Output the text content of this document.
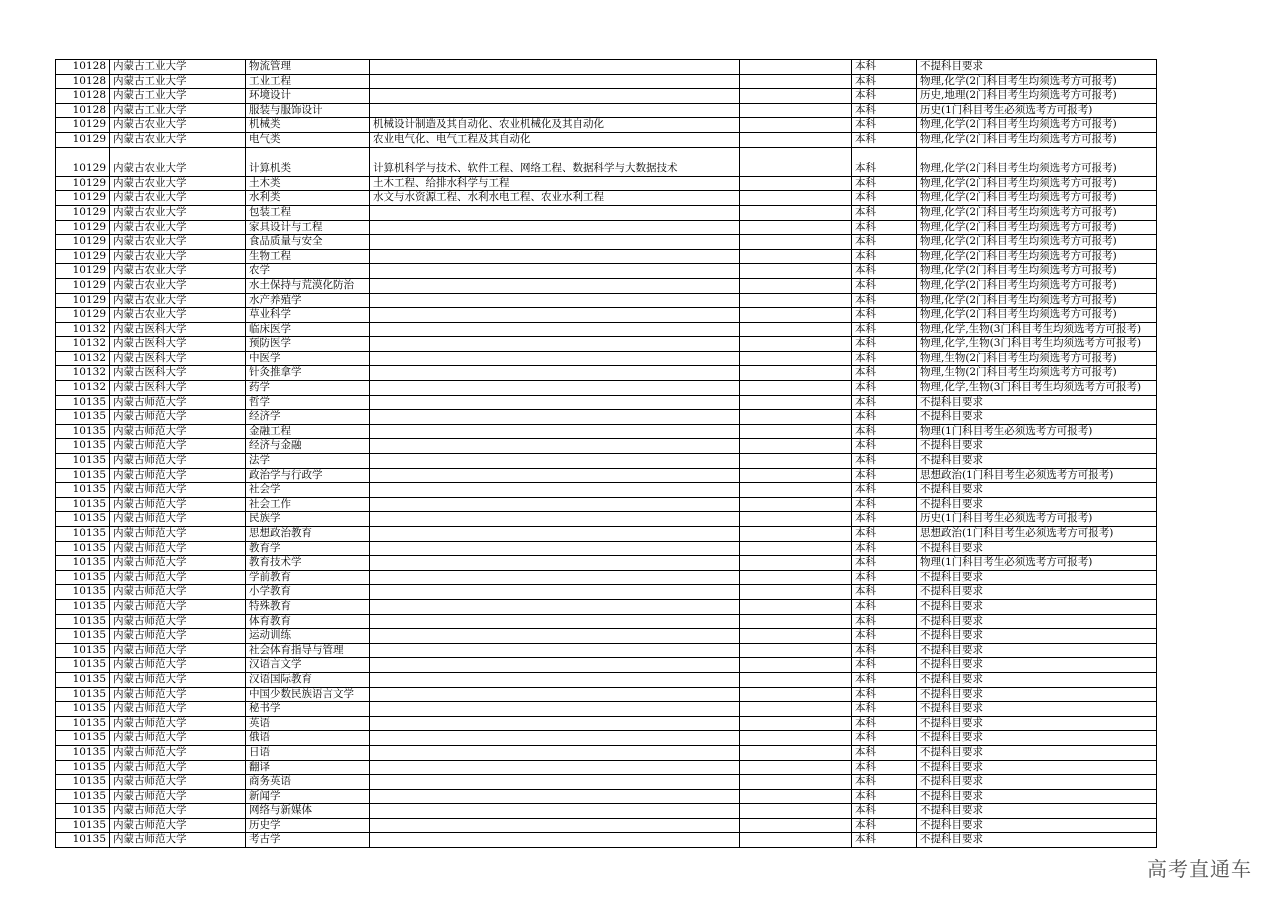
10128	内蒙古工业大学	物流管理			本科	不提科目要求
10128	内蒙古工业大学	工业工程			本科	物理,化学(2门科目考生均须选考方可报考)
10128	内蒙古工业大学	环境设计			本科	历史,地理(2门科目考生均须选考方可报考)
10128	内蒙古工业大学	服装与服饰设计			本科	历史(1门科目考生必须选考方可报考)
10129	内蒙古农业大学	机械类	机械设计制造及其自动化、农业机械化及其自动化		本科	物理,化学(2门科目考生均须选考方可报考)
10129	内蒙古农业大学	电气类	农业电气化、电气工程及其自动化		本科	物理,化学(2门科目考生均须选考方可报考)
10129	内蒙古农业大学	计算机类	计算机科学与技术、软件工程、网络工程、数据科学与大数据技术		本科	物理,化学(2门科目考生均须选考方可报考)
10129	内蒙古农业大学	土木类	土木工程、给排水科学与工程		本科	物理,化学(2门科目考生均须选考方可报考)
10129	内蒙古农业大学	水利类	水文与水资源工程、水利水电工程、农业水利工程		本科	物理,化学(2门科目考生均须选考方可报考)
10129	内蒙古农业大学	包装工程			本科	物理,化学(2门科目考生均须选考方可报考)
10129	内蒙古农业大学	家具设计与工程			本科	物理,化学(2门科目考生均须选考方可报考)
10129	内蒙古农业大学	食品质量与安全			本科	物理,化学(2门科目考生均须选考方可报考)
10129	内蒙古农业大学	生物工程			本科	物理,化学(2门科目考生均须选考方可报考)
10129	内蒙古农业大学	农学			本科	物理,化学(2门科目考生均须选考方可报考)
10129	内蒙古农业大学	水土保持与荒漠化防治			本科	物理,化学(2门科目考生均须选考方可报考)
10129	内蒙古农业大学	水产养殖学			本科	物理,化学(2门科目考生均须选考方可报考)
10129	内蒙古农业大学	草业科学			本科	物理,化学(2门科目考生均须选考方可报考)
10132	内蒙古医科大学	临床医学			本科	物理,化学,生物(3门科目考生均须选考方可报考)
10132	内蒙古医科大学	预防医学			本科	物理,化学,生物(3门科目考生均须选考方可报考)
10132	内蒙古医科大学	中医学			本科	物理,生物(2门科目考生均须选考方可报考)
10132	内蒙古医科大学	针灸推拿学			本科	物理,生物(2门科目考生均须选考方可报考)
10132	内蒙古医科大学	药学			本科	物理,化学,生物(3门科目考生均须选考方可报考)
10135	内蒙古师范大学	哲学			本科	不提科目要求
10135	内蒙古师范大学	经济学			本科	不提科目要求
10135	内蒙古师范大学	金融工程			本科	物理(1门科目考生必须选考方可报考)
10135	内蒙古师范大学	经济与金融			本科	不提科目要求
10135	内蒙古师范大学	法学			本科	不提科目要求
10135	内蒙古师范大学	政治学与行政学			本科	思想政治(1门科目考生必须选考方可报考)
10135	内蒙古师范大学	社会学			本科	不提科目要求
10135	内蒙古师范大学	社会工作			本科	不提科目要求
10135	内蒙古师范大学	民族学			本科	历史(1门科目考生必须选考方可报考)
10135	内蒙古师范大学	思想政治教育			本科	思想政治(1门科目考生必须选考方可报考)
10135	内蒙古师范大学	教育学			本科	不提科目要求
10135	内蒙古师范大学	教育技术学			本科	物理(1门科目考生必须选考方可报考)
10135	内蒙古师范大学	学前教育			本科	不提科目要求
10135	内蒙古师范大学	小学教育			本科	不提科目要求
10135	内蒙古师范大学	特殊教育			本科	不提科目要求
10135	内蒙古师范大学	体育教育			本科	不提科目要求
10135	内蒙古师范大学	运动训练			本科	不提科目要求
10135	内蒙古师范大学	社会体育指导与管理			本科	不提科目要求
10135	内蒙古师范大学	汉语言文学			本科	不提科目要求
10135	内蒙古师范大学	汉语国际教育			本科	不提科目要求
10135	内蒙古师范大学	中国少数民族语言文学			本科	不提科目要求
10135	内蒙古师范大学	秘书学			本科	不提科目要求
10135	内蒙古师范大学	英语			本科	不提科目要求
10135	内蒙古师范大学	俄语			本科	不提科目要求
10135	内蒙古师范大学	日语			本科	不提科目要求
10135	内蒙古师范大学	翻译			本科	不提科目要求
10135	内蒙古师范大学	商务英语			本科	不提科目要求
10135	内蒙古师范大学	新闻学			本科	不提科目要求
10135	内蒙古师范大学	网络与新媒体			本科	不提科目要求
10135	内蒙古师范大学	历史学			本科	不提科目要求
10135	内蒙古师范大学	考古学			本科	不提科目要求
高考直通车
